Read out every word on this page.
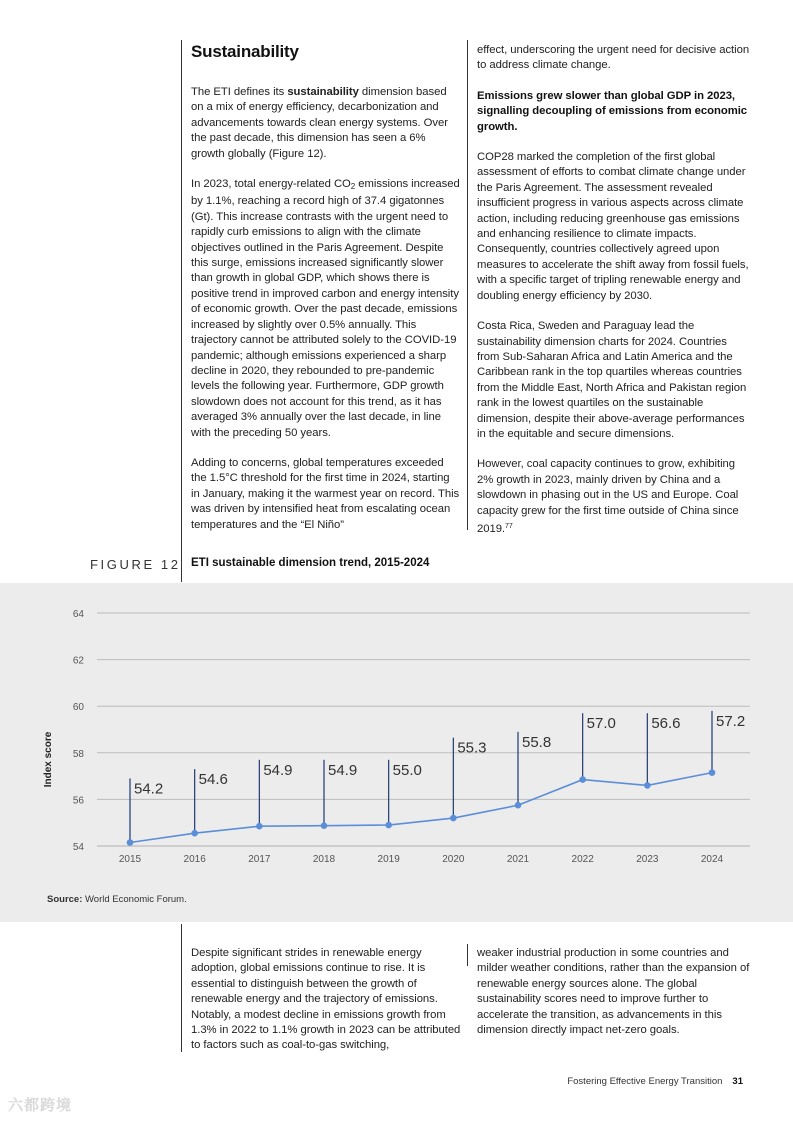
Sustainability

The ETI defines its sustainability dimension based on a mix of energy efficiency, decarbonization and advancements towards clean energy systems. Over the past decade, this dimension has seen a 6% growth globally (Figure 12).

In 2023, total energy-related $CO_2$ emissions increased by 1.1%, reaching a record high of 37.4 gigatonnes (Gt). This increase contrasts with the urgent need to rapidly curb emissions to align with the climate objectives outlined in the Paris Agreement. Despite this surge, emissions increased significantly slower than growth in global GDP, which shows there is positive trend in improved carbon and energy intensity of economic growth. Over the past decade, emissions increased by slightly over 0.5% annually. This trajectory cannot be attributed solely to the COVID-19 pandemic; although emissions experienced a sharp decline in 2020, they rebounded to pre-pandemic levels the following year. Furthermore, GDP growth slowdown does not account for this trend, as it has averaged 3% annually over the last decade, in line with the preceding 50 years.

Adding to concerns, global temperatures exceeded the 1.5°C threshold for the first time in 2024, starting in January, making it the warmest year on record. This was driven by intensified heat from escalating ocean temperatures and the “El Niño”

effect, underscoring the urgent need for decisive action to address climate change.

Emissions grew slower than global GDP in 2023, signalling decoupling of emissions from economic growth.

COP28 marked the completion of the first global assessment of efforts to combat climate change under the Paris Agreement. The assessment revealed insufficient progress in various aspects across climate action, including reducing greenhouse gas emissions and enhancing resilience to climate impacts. Consequently, countries collectively agreed upon measures to accelerate the shift away from fossil fuels, with a specific target of tripling renewable energy and doubling energy efficiency by 2030.

Costa Rica, Sweden and Paraguay lead the sustainability dimension charts for 2024. Countries from Sub-Saharan Africa and Latin America and the Caribbean rank in the top quartiles whereas countries from the Middle East, North Africa and Pakistan region rank in the lowest quartiles on the sustainable dimension, despite their above-average performances in the equitable and secure dimensions.

However, coal capacity continues to grow, exhibiting 2% growth in 2023, mainly driven by China and a slowdown in phasing out in the US and Europe. Coal capacity grew for the first time outside of China since 2019.77

FIGURE 12 ETI sustainable dimension trend, 2015-2024
54
56
58
60
62
64
Index score
2015	2016	2017	2018	2019	2020	2021	2022	2023	2024
54.2
54.6
54.9 54.9 55.0
55.3 55.8
57.0 56.6 57.2
Source: World Economic Forum.

Despite significant strides in renewable energy adoption, global emissions continue to rise. It is essential to distinguish between the growth of renewable energy and the trajectory of emissions. Notably, a modest decline in emissions growth from 1.3% in 2022 to 1.1% growth in 2023 can be attributed to factors such as coal-to-gas switching,

weaker industrial production in some countries and milder weather conditions, rather than the expansion of renewable energy sources alone. The global sustainability scores need to improve further to accelerate the transition, as advancements in this dimension directly impact net-zero goals.

Fostering Effective Energy Transition 31
六都跨境
